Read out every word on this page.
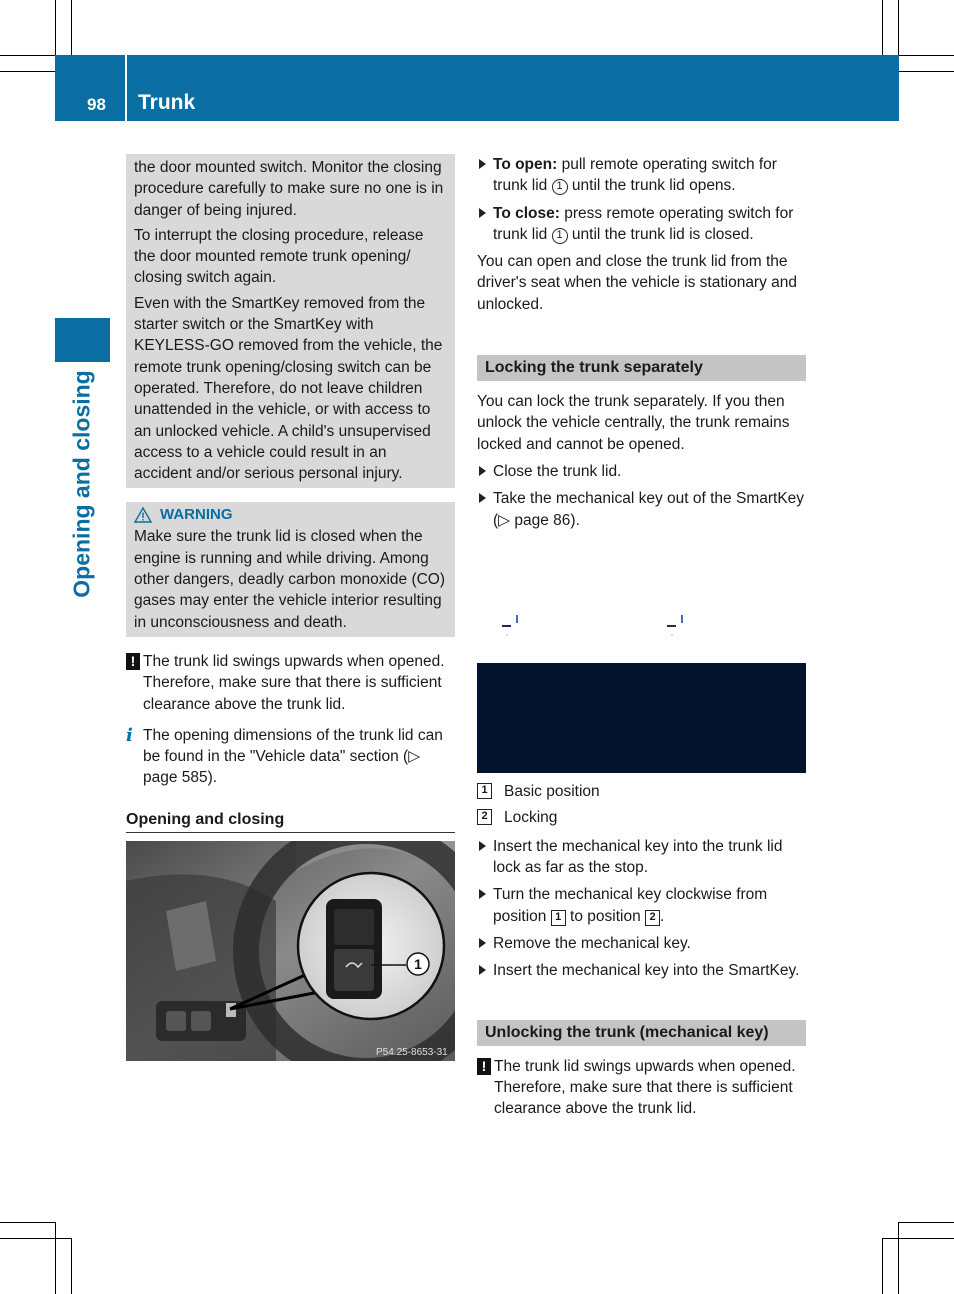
98 Trunk
Opening and closing

the door mounted switch. Monitor the closing procedure carefully to make sure no one is in danger of being injured.

To interrupt the closing procedure, release the door mounted remote trunk opening/ closing switch again.

Even with the SmartKey removed from the starter switch or the SmartKey with KEYLESS-GO removed from the vehicle, the remote trunk opening/closing switch can be operated. Therefore, do not leave children unattended in the vehicle, or with access to an unlocked vehicle. A child's unsupervised access to a vehicle could result in an accident and/or serious personal injury.

WARNING

Make sure the trunk lid is closed when the engine is running and while driving. Among other dangers, deadly carbon monoxide (CO) gases may enter the vehicle interior resulting in unconsciousness and death.

! The trunk lid swings upwards when opened. Therefore, make sure that there is sufficient clearance above the trunk lid.
i The opening dimensions of the trunk lid can be found in the "Vehicle data" section (▷ page 585).
Opening and closing
1
P54.25-8653-31
To open: pull remote operating switch for trunk lid 1 until the trunk lid opens.
To close: press remote operating switch for trunk lid 1 until the trunk lid is closed.

You can open and close the trunk lid from the driver's seat when the vehicle is stationary and unlocked.

Locking the trunk separately

You can lock the trunk separately. If you then unlock the vehicle centrally, the trunk remains locked and cannot be opened.

Close the trunk lid.
Take the mechanical key out of the SmartKey (▷ page 86).
1 Basic position
2 Locking
Insert the mechanical key into the trunk lid lock as far as the stop.
Turn the mechanical key clockwise from position 1 to position 2 .
Remove the mechanical key.
Insert the mechanical key into the SmartKey.
Unlocking the trunk (mechanical key)
! The trunk lid swings upwards when opened. Therefore, make sure that there is sufficient clearance above the trunk lid.
